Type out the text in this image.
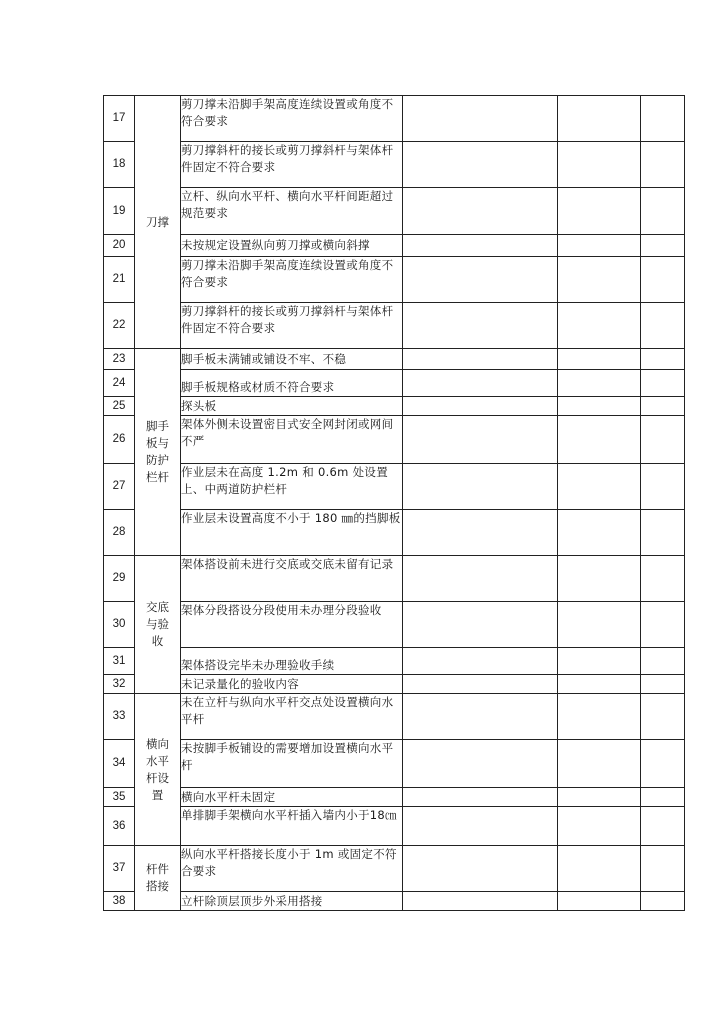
17	刀撑	剪刀撑未沿脚手架高度连续设置或角度不符合要求			
18		剪刀撑斜杆的接长或剪刀撑斜杆与架体杆件固定不符合要求			
19		立杆、纵向水平杆、横向水平杆间距超过规范要求			
20		未按规定设置纵向剪刀撑或横向斜撑			
21		剪刀撑未沿脚手架高度连续设置或角度不符合要求			
22		剪刀撑斜杆的接长或剪刀撑斜杆与架体杆件固定不符合要求			
23	脚手板与防护栏杆	脚手板未满铺或铺设不牢、不稳			
24		脚手板规格或材质不符合要求			
25		探头板			
26		架体外侧未设置密目式安全网封闭或网间不严			
27		作业层未在高度 1.2m 和 0.6m 处设置上、中两道防护栏杆			
28		作业层未设置高度不小于 180 ㎜的挡脚板			
29	交底与验收	架体搭设前未进行交底或交底未留有记录			
30		架体分段搭设分段使用未办理分段验收			
31		架体搭设完毕未办理验收手续			
32		未记录量化的验收内容			
33	横向水平杆设置	未在立杆与纵向水平杆交点处设置横向水平杆			
34		未按脚手板铺设的需要增加设置横向水平杆			
35		横向水平杆未固定			
36		单排脚手架横向水平杆插入墙内小于18㎝			
37	杆件搭接	纵向水平杆搭接长度小于 1m 或固定不符合要求			
38		立杆除顶层顶步外采用搭接			
